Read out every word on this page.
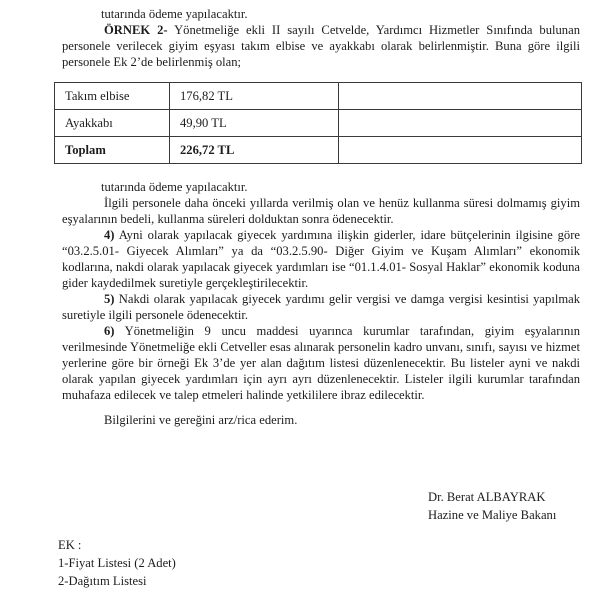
tutarında ödeme yapılacaktır.
ÖRNEK 2- Yönetmeliğe ekli II sayılı Cetvelde, Yardımcı Hizmetler Sınıfında bulunan personele verilecek giyim eşyası takım elbise ve ayakkabı olarak belirlenmiştir. Buna göre ilgili personele Ek 2’de belirlenmiş olan;
Takım elbise	176,82 TL	
Ayakkabı	49,90 TL	
Toplam	226,72 TL	
tutarında ödeme yapılacaktır.
İlgili personele daha önceki yıllarda verilmiş olan ve henüz kullanma süresi dolmamış giyim eşyalarının bedeli, kullanma süreleri dolduktan sonra ödenecektir.
4) Ayni olarak yapılacak giyecek yardımına ilişkin giderler, idare bütçelerinin ilgisine göre “03.2.5.01- Giyecek Alımları” ya da “03.2.5.90- Diğer Giyim ve Kuşam Alımları” ekonomik kodlarına, nakdi olarak yapılacak giyecek yardımları ise “01.1.4.01- Sosyal Haklar” ekonomik koduna gider kaydedilmek suretiyle gerçekleştirilecektir.
5) Nakdi olarak yapılacak giyecek yardımı gelir vergisi ve damga vergisi kesintisi yapılmak suretiyle ilgili personele ödenecektir.
6) Yönetmeliğin 9 uncu maddesi uyarınca kurumlar tarafından, giyim eşyalarının verilmesinde Yönetmeliğe ekli Cetveller esas alınarak personelin kadro unvanı, sınıfı, sayısı ve hizmet yerlerine göre bir örneği Ek 3’de yer alan dağıtım listesi düzenlenecektir. Bu listeler ayni ve nakdi olarak yapılan giyecek yardımları için ayrı ayrı düzenlenecektir. Listeler ilgili kurumlar tarafından muhafaza edilecek ve talep etmeleri halinde yetkililere ibraz edilecektir.
Bilgilerini ve gereğini arz/rica ederim.
Dr. Berat ALBAYRAK
Hazine ve Maliye Bakanı
EK :
1-Fiyat Listesi (2 Adet)
2-Dağıtım Listesi
